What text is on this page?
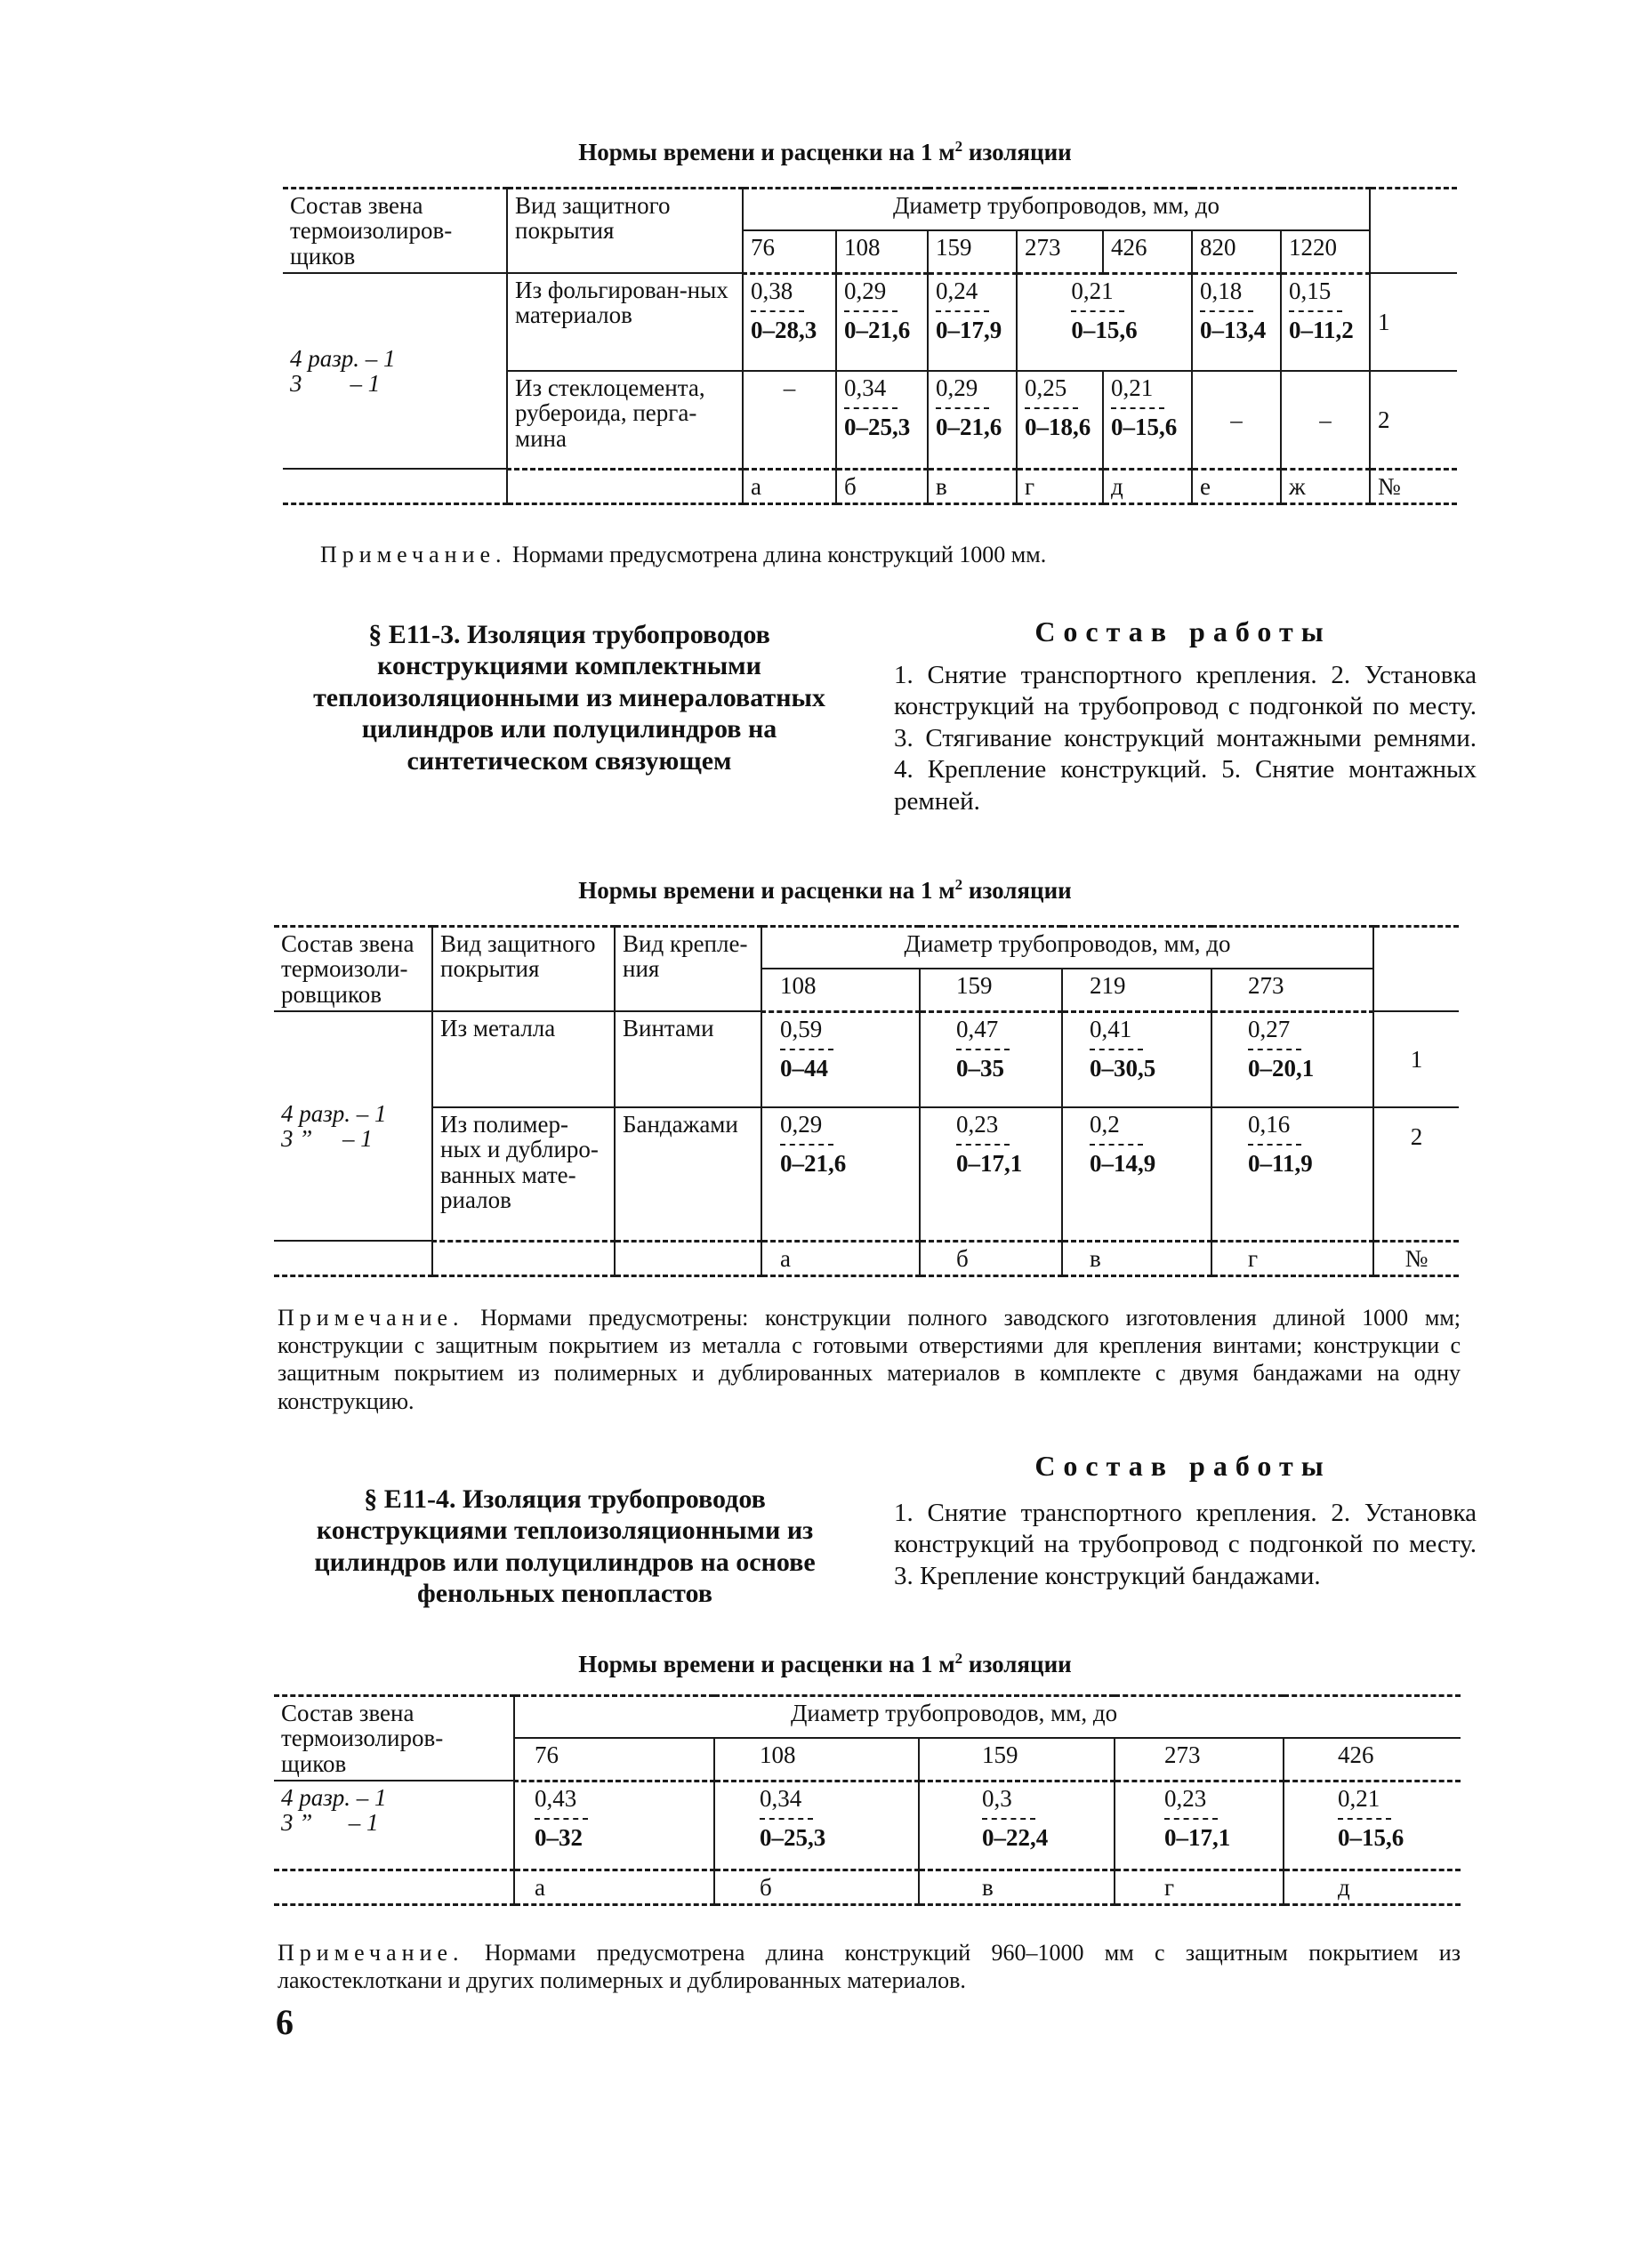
Нормы времени и расценки на 1 $м^2$ изоляции
Состав звена термоизолиров-щиков	Вид защитного покрытия	Диаметр трубопроводов, мм, до							
		76	108	159	273	426	820	1220	
4 разр. – 1
3        – 1	Из фольгирован-ных материалов	$\frac{0,38}{0-28,3}$	$\frac{0,29}{0-21,6}$	$\frac{0,24}{0-17,9}$	$\frac{0,21}{0-15,6}$		$\frac{0,18}{0-13,4}$	$\frac{0,15}{0-11,2}$	1
	Из стеклоцемента, рубероида, перга-мина	–	$\frac{0,34}{0-25,3}$	$\frac{0,29}{0-21,6}$	$\frac{0,25}{0-18,6}$	$\frac{0,21}{0-15,6}$	–	–	2
		а	б	в	г	д	е	ж	№
Примечание. Нормами предусмотрена длина конструкций 1000 мм.
§ Е11-3. Изоляция трубопроводов конструкциями комплектными теплоизоляционными из минераловатных цилиндров или полуцилиндров на синтетическом связующем
Состав работы
1. Снятие транспортного крепления. 2. Установка конструкций на трубопровод с подгонкой по месту. 3. Стягивание конструкций монтажными ремнями. 4. Крепление конструкций. 5. Снятие монтажных ремней.
Нормы времени и расценки на 1 $м^2$ изоляции
Состав звена термоизоли-ровщиков	Вид защитного покрытия	Вид крепле-ния	Диаметр трубопроводов, мм, до				
			108	159	219	273	
4 разр. – 1
3 ”     – 1	Из металла	Винтами	$\frac{0,59}{0-44}$	$\frac{0,47}{0-35}$	$\frac{0,41}{0-30,5}$	$\frac{0,27}{0-20,1}$	1
	Из полимер-ных и дублиро-ванных мате-риалов	Бандажами	$\frac{0,29}{0-21,6}$	$\frac{0,23}{0-17,1}$	$\frac{0,2}{0-14,9}$	$\frac{0,16}{0-11,9}$	2
			а	б	в	г	№
Примечание. Нормами предусмотрены: конструкции полного заводского изготовления длиной 1000 мм; конструкции с защитным покрытием из металла с готовыми отверстиями для крепления винтами; конструкции с защитным покрытием из полимерных и дублированных материалов в комплекте с двумя бандажами на одну конструкцию.
Состав работы
§ Е11-4. Изоляция трубопроводов конструкциями теплоизоляционными из цилиндров или полуцилиндров на основе фенольных пенопластов
1. Снятие транспортного крепления. 2. Установка конструкций на трубопровод с подгонкой по месту. 3. Крепление конструкций бандажами.
Нормы времени и расценки на 1 $м^2$ изоляции
Состав звена термоизолиров-щиков	Диаметр трубопроводов, мм, до				
	76	108	159	273	426
4 разр. – 1
3 ”      – 1	$\frac{0,43}{0-32}$	$\frac{0,34}{0-25,3}$	$\frac{0,3}{0-22,4}$	$\frac{0,23}{0-17,1}$	$\frac{0,21}{0-15,6}$

	а	б	в	г	д
Примечание. Нормами предусмотрена длина конструкций 960–1000 мм с защитным покрытием из лакостеклоткани и других полимерных и дублированных материалов.
6
